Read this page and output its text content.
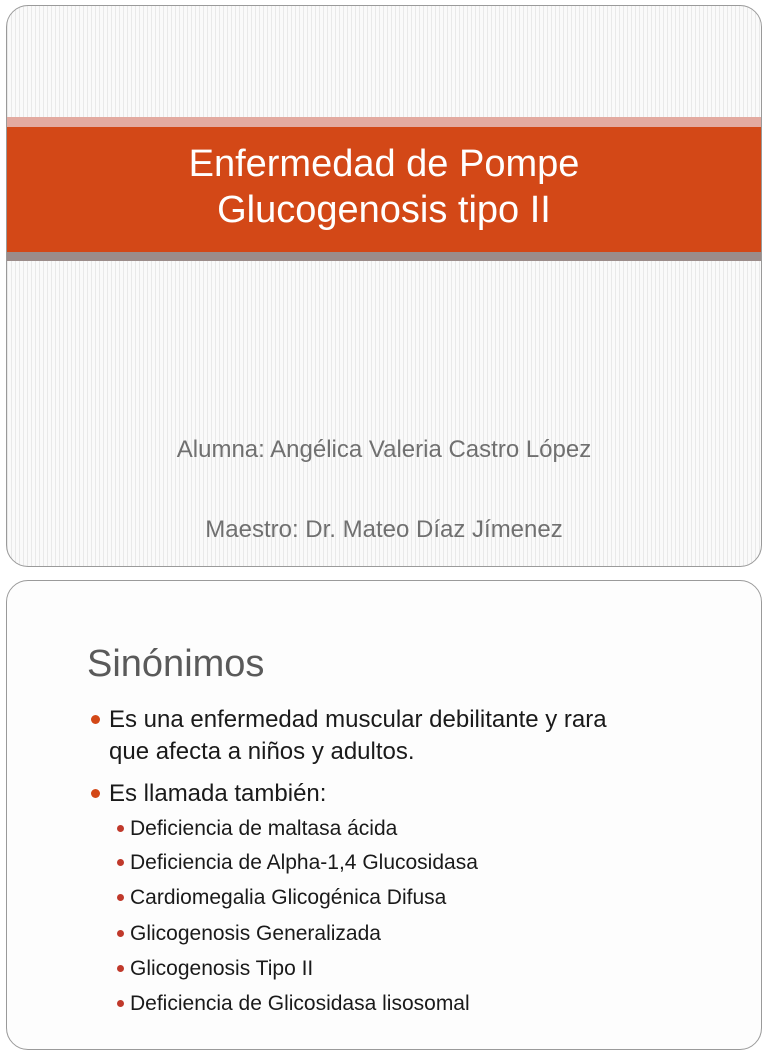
Enfermedad de Pompe
Glucogenosis tipo II
Alumna: Angélica Valeria Castro López
Maestro: Dr. Mateo Díaz Jímenez
Sinónimos
Es una enfermedad muscular debilitante y rara
que afecta a niños y adultos.
Es llamada también:
Deficiencia de maltasa ácida
Deficiencia de Alpha-1,4 Glucosidasa
Cardiomegalia Glicogénica Difusa
Glicogenosis Generalizada
Glicogenosis Tipo II
Deficiencia de Glicosidasa lisosomal
